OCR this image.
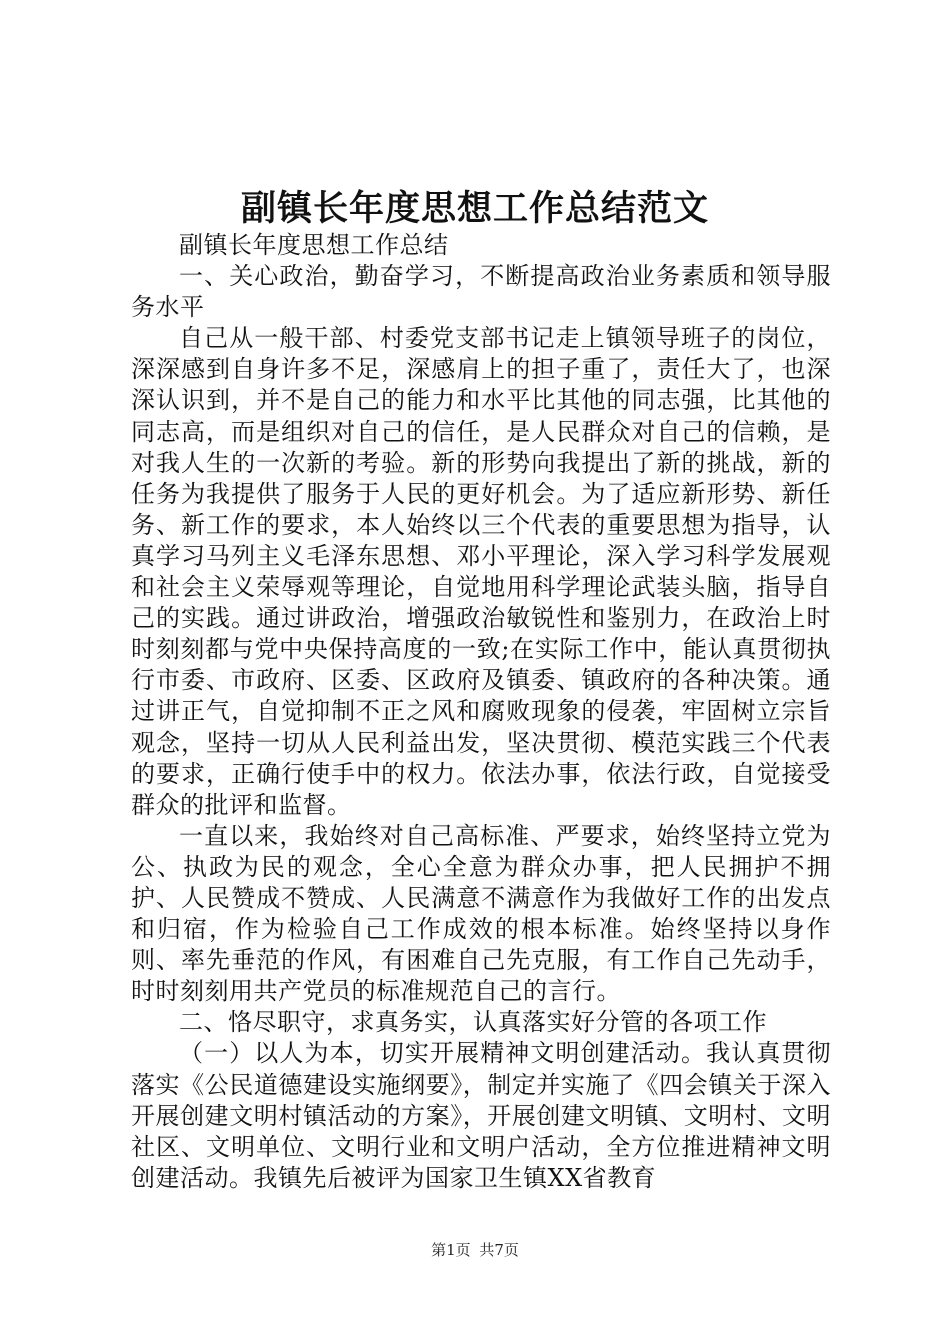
副镇长年度思想工作总结范文

副镇长年度思想工作总结

一、关心政治，勤奋学习，不断提高政治业务素质和领导服务水平

自己从一般干部、村委党支部书记走上镇领导班子的岗位，深深感到自身许多不足，深感肩上的担子重了，责任大了，也深深认识到，并不是自己的能力和水平比其他的同志强，比其他的同志高，而是组织对自己的信任，是人民群众对自己的信赖，是对我人生的一次新的考验。新的形势向我提出了新的挑战，新的任务为我提供了服务于人民的更好机会。为了适应新形势、新任务、新工作的要求，本人始终以三个代表的重要思想为指导，认真学习马列主义毛泽东思想、邓小平理论，深入学习科学发展观和社会主义荣辱观等理论，自觉地用科学理论武装头脑，指导自己的实践。通过讲政治，增强政治敏锐性和鉴别力，在政治上时时刻刻都与党中央保持高度的一致;在实际工作中，能认真贯彻执行市委、市政府、区委、区政府及镇委、镇政府的各种决策。通过讲正气，自觉抑制不正之风和腐败现象的侵袭，牢固树立宗旨观念，坚持一切从人民利益出发，坚决贯彻、模范实践三个代表的要求，正确行使手中的权力。依法办事，依法行政，自觉接受群众的批评和监督。

一直以来，我始终对自己高标准、严要求，始终坚持立党为公、执政为民的观念，全心全意为群众办事，把人民拥护不拥护、人民赞成不赞成、人民满意不满意作为我做好工作的出发点和归宿，作为检验自己工作成效的根本标准。始终坚持以身作则、率先垂范的作风，有困难自己先克服，有工作自己先动手，时时刻刻用共产党员的标准规范自己的言行。

二、恪尽职守，求真务实，认真落实好分管的各项工作

（一）以人为本，切实开展精神文明创建活动。我认真贯彻落实《公民道德建设实施纲要》，制定并实施了《四会镇关于深入开展创建文明村镇活动的方案》，开展创建文明镇、文明村、文明社区、文明单位、文明行业和文明户活动，全方位推进精神文明创建活动。我镇先后被评为国家卫生镇XX省教育

第1页 共7页
